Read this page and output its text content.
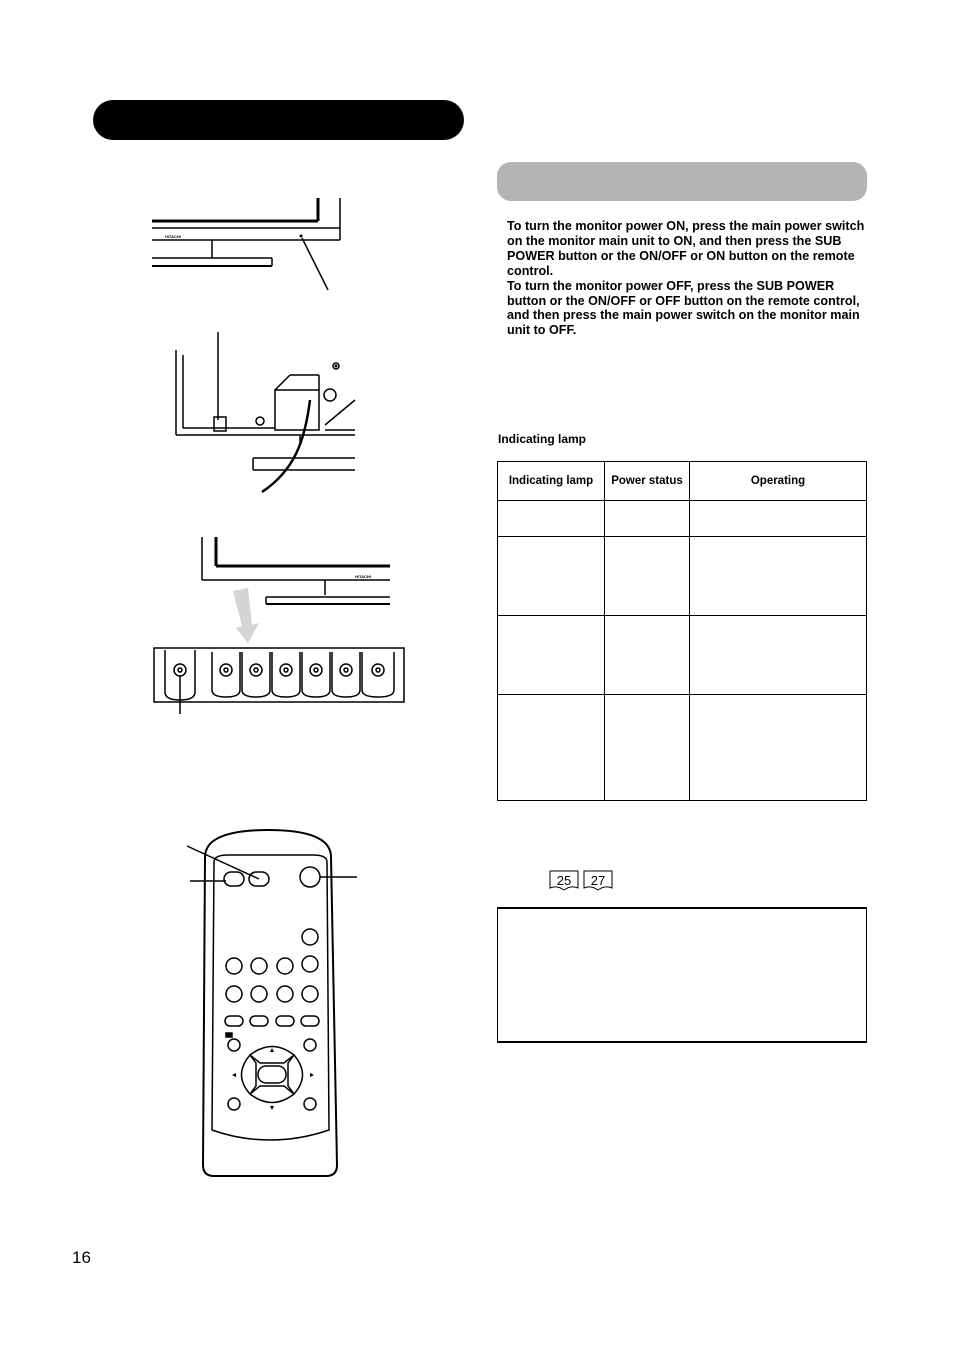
HITACHI
HITACHI

To turn the monitor power ON, press the main power switch on the monitor main unit to ON, and then press the SUB POWER button or the ON/OFF or ON button on the remote control.

To turn the monitor power OFF, press the SUB POWER button or the ON/OFF or OFF button on the remote control, and then press the main power switch on the monitor main unit to OFF.

Indicating lamp
Indicating lamp	Power status	Operating

25 27
16
